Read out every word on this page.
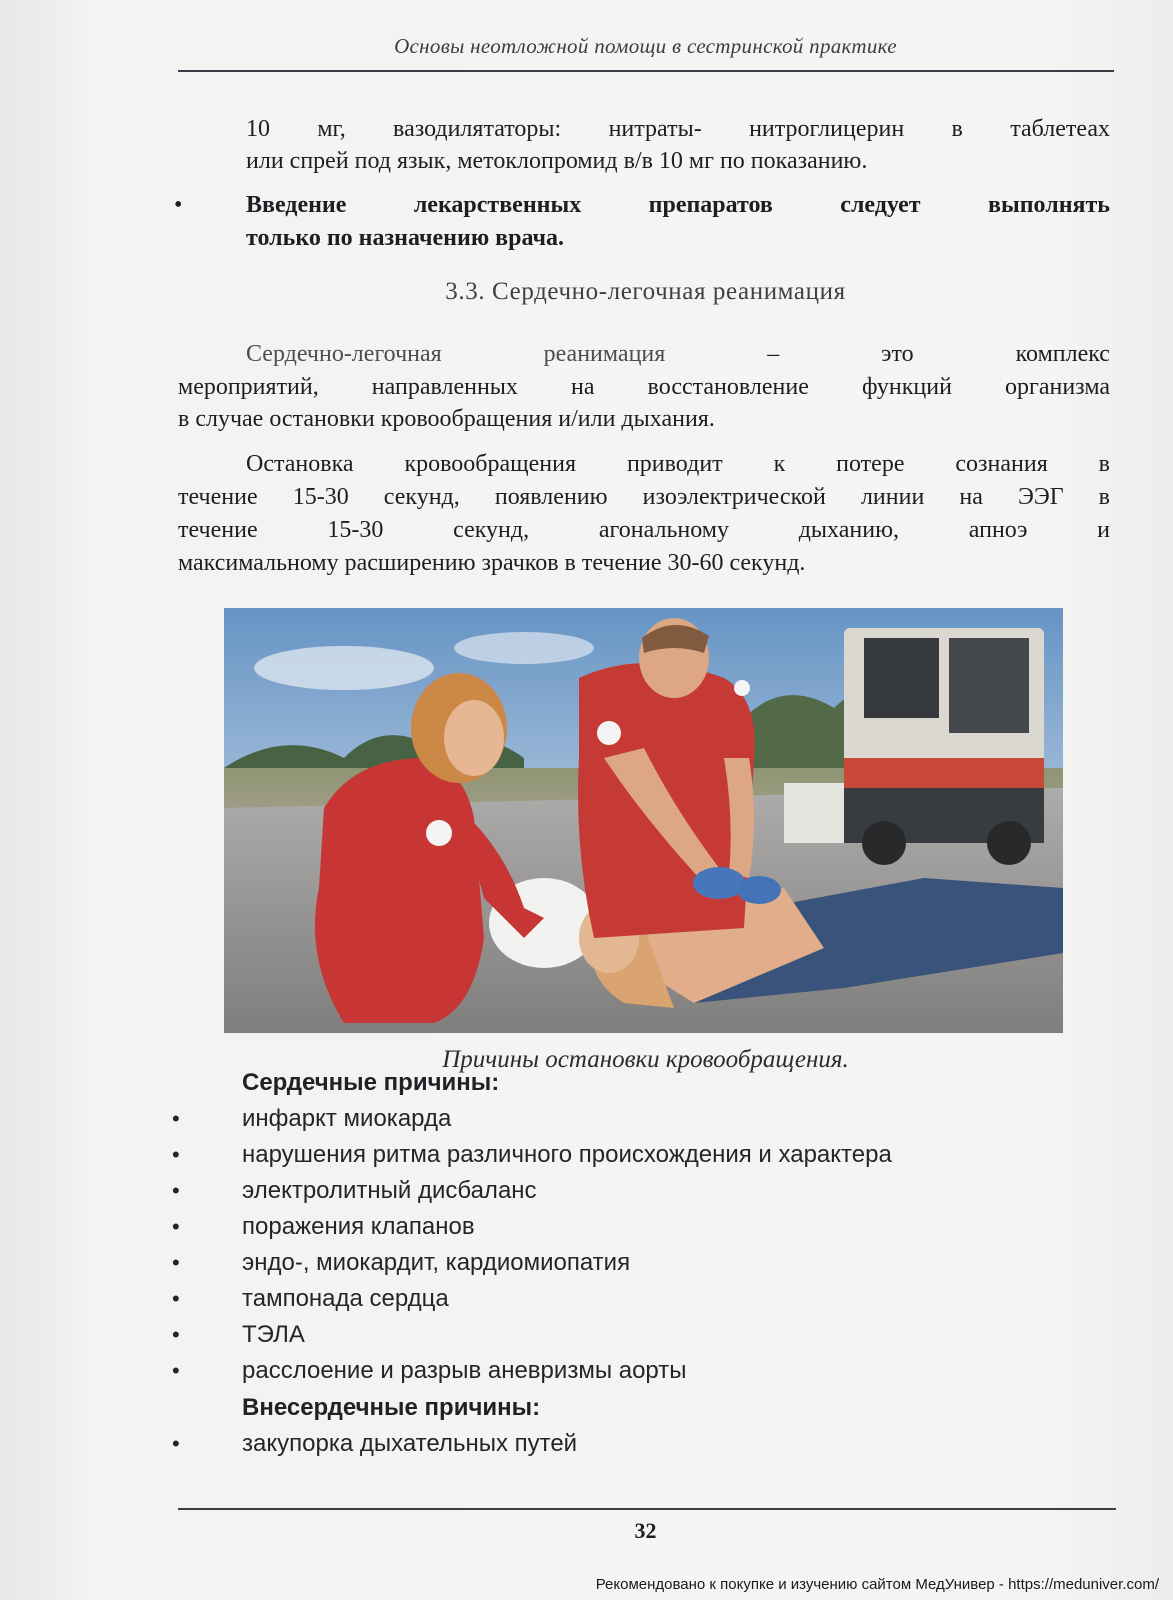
Основы неотложной помощи в сестринской практике
10 мг, вазодилятаторы: нитраты- нитроглицерин в таблетеах
или спрей под язык, метоклопромид в/в 10 мг по показанию.
•	Введение лекарственных препаратов следует выполнять
только по назначению врача.
3.3. Сердечно-легочная реанимация
Сердечно-легочная	реанимация	–	это	комплекс
мероприятий, направленных на восстановление функций организма
в случае остановки кровообращения и/или дыхания.
Остановка кровообращения приводит к потере сознания в
течение 15-30 секунд, появлению изоэлектрической линии на ЭЭГ в
течение 15-30 секунд, агональному дыханию, апноэ и
максимальному расширению зрачков в течение 30-60 секунд.
Причины остановки кровообращения.
Сердечные причины:
•	инфаркт миокарда
•	нарушения ритма различного происхождения и характера
•	электролитный дисбаланс
•	поражения клапанов
•	эндо-, миокардит, кардиомиопатия
•	тампонада сердца
•	ТЭЛА
•	расслоение и разрыв аневризмы аорты
Внесердечные причины:
•	закупорка дыхательных путей
32
Рекомендовано к покупке и изучению сайтом МедУнивер - https://meduniver.com/
